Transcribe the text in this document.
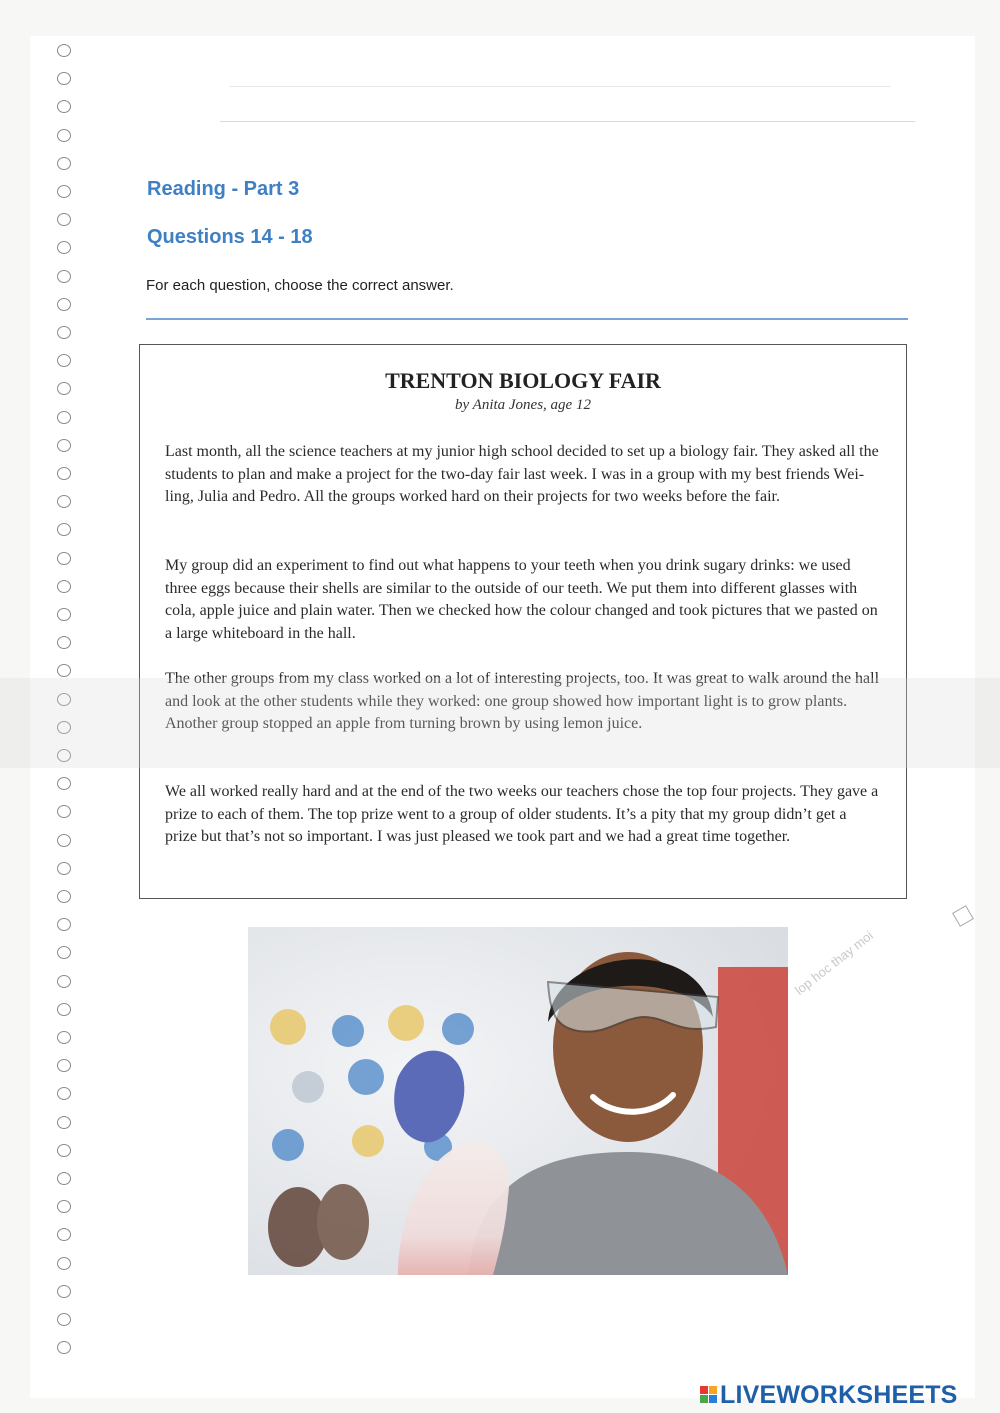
Reading - Part 3
Questions 14 - 18
For each question, choose the correct answer.
TRENTON BIOLOGY FAIR
by Anita Jones, age 12

Last month, all the science teachers at my junior high school decided to set up a biology fair. They asked all the students to plan and make a project for the two-day fair last week. I was in a group with my best friends Wei-ling, Julia and Pedro. All the groups worked hard on their projects for two weeks before the fair.

My group did an experiment to find out what happens to your teeth when you drink sugary drinks: we used three eggs because their shells are similar to the outside of our teeth. We put them into different glasses with cola, apple juice and plain water. Then we checked how the colour changed and took pictures that we pasted on a large whiteboard in the hall.

The other groups from my class worked on a lot of interesting projects, too. It was great to walk around the hall and look at the other students while they worked: one group showed how important light is to grow plants. Another group stopped an apple from turning brown by using lemon juice.

We all worked really hard and at the end of the two weeks our teachers chose the top four projects. They gave a prize to each of them. The top prize went to a group of older students. It’s a pity that my group didn’t get a prize but that’s not so important. I was just pleased we took part and we had a great time together.

lop hoc thay moi
LIVEWORKSHEETS
